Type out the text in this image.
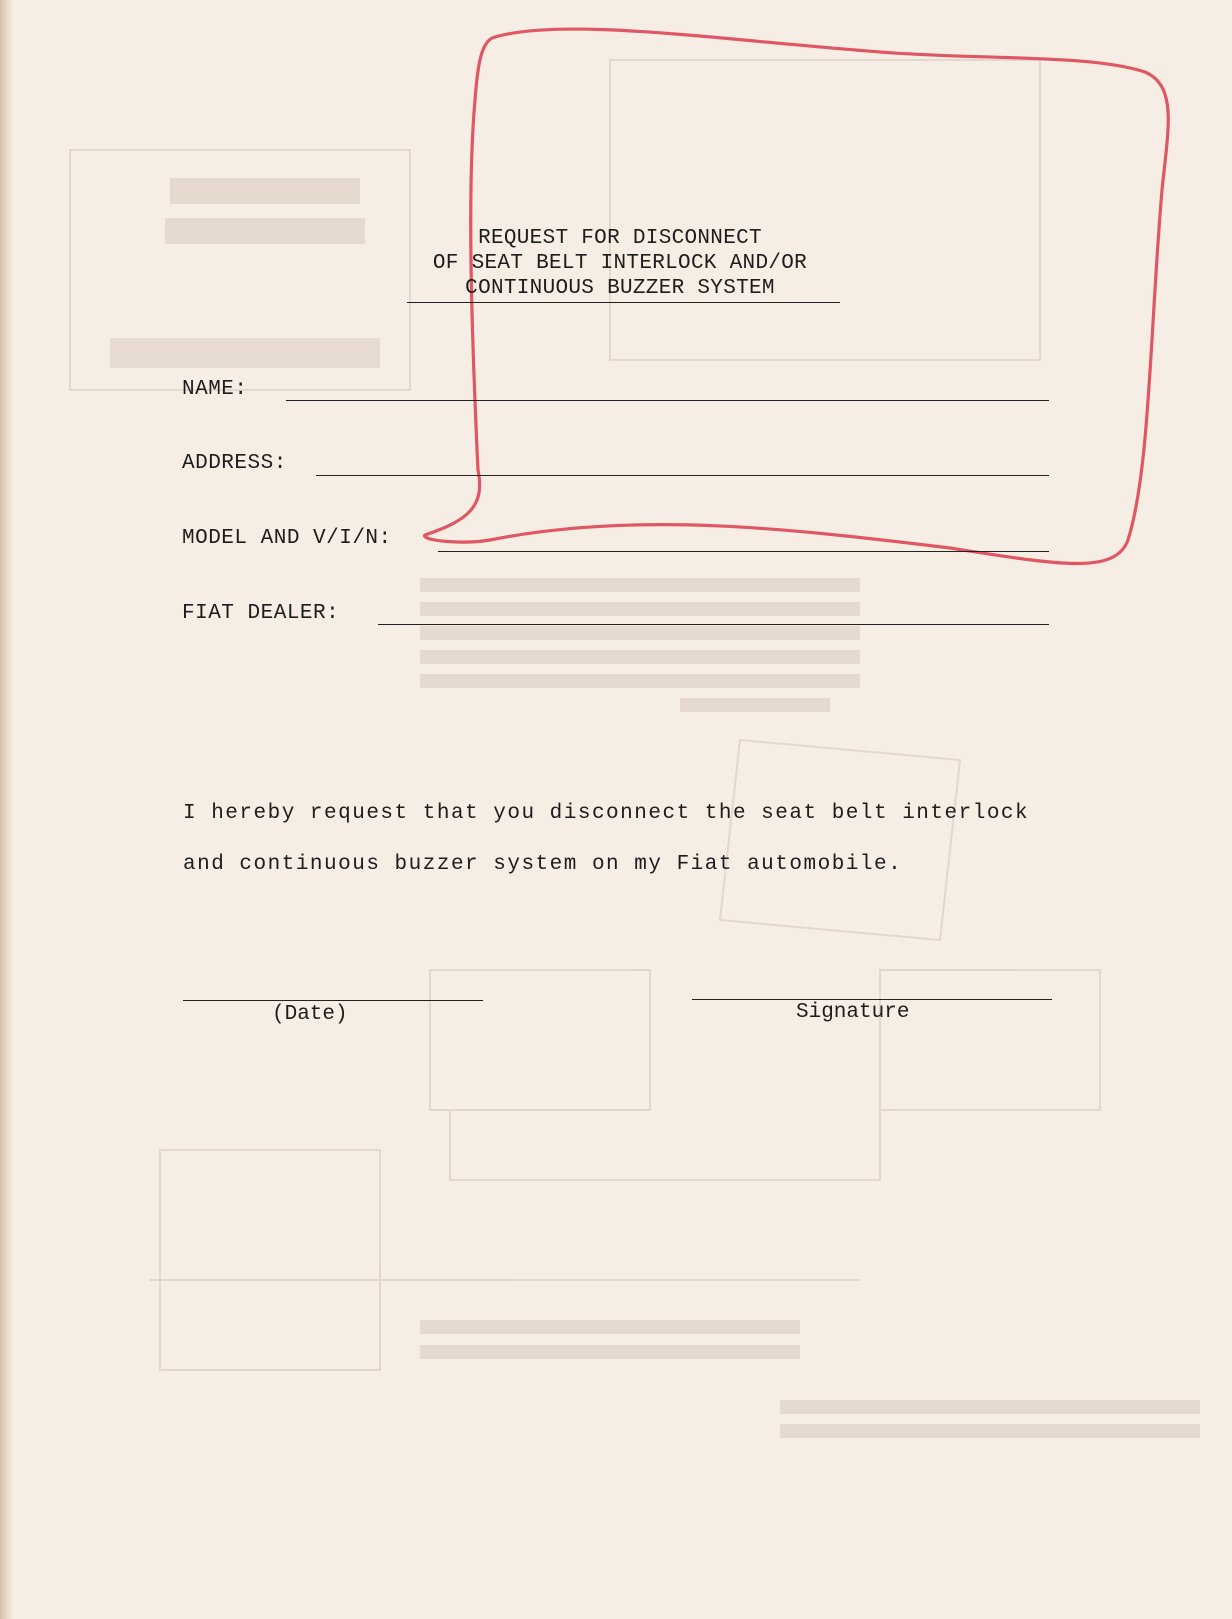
REQUEST FOR DISCONNECT
OF SEAT BELT INTERLOCK AND/OR
CONTINUOUS BUZZER SYSTEM
NAME:
ADDRESS:
MODEL AND V/I/N:
FIAT DEALER:
I hereby request that you disconnect the seat belt interlock
and continuous buzzer system on my Fiat automobile.
(Date)	Signature
